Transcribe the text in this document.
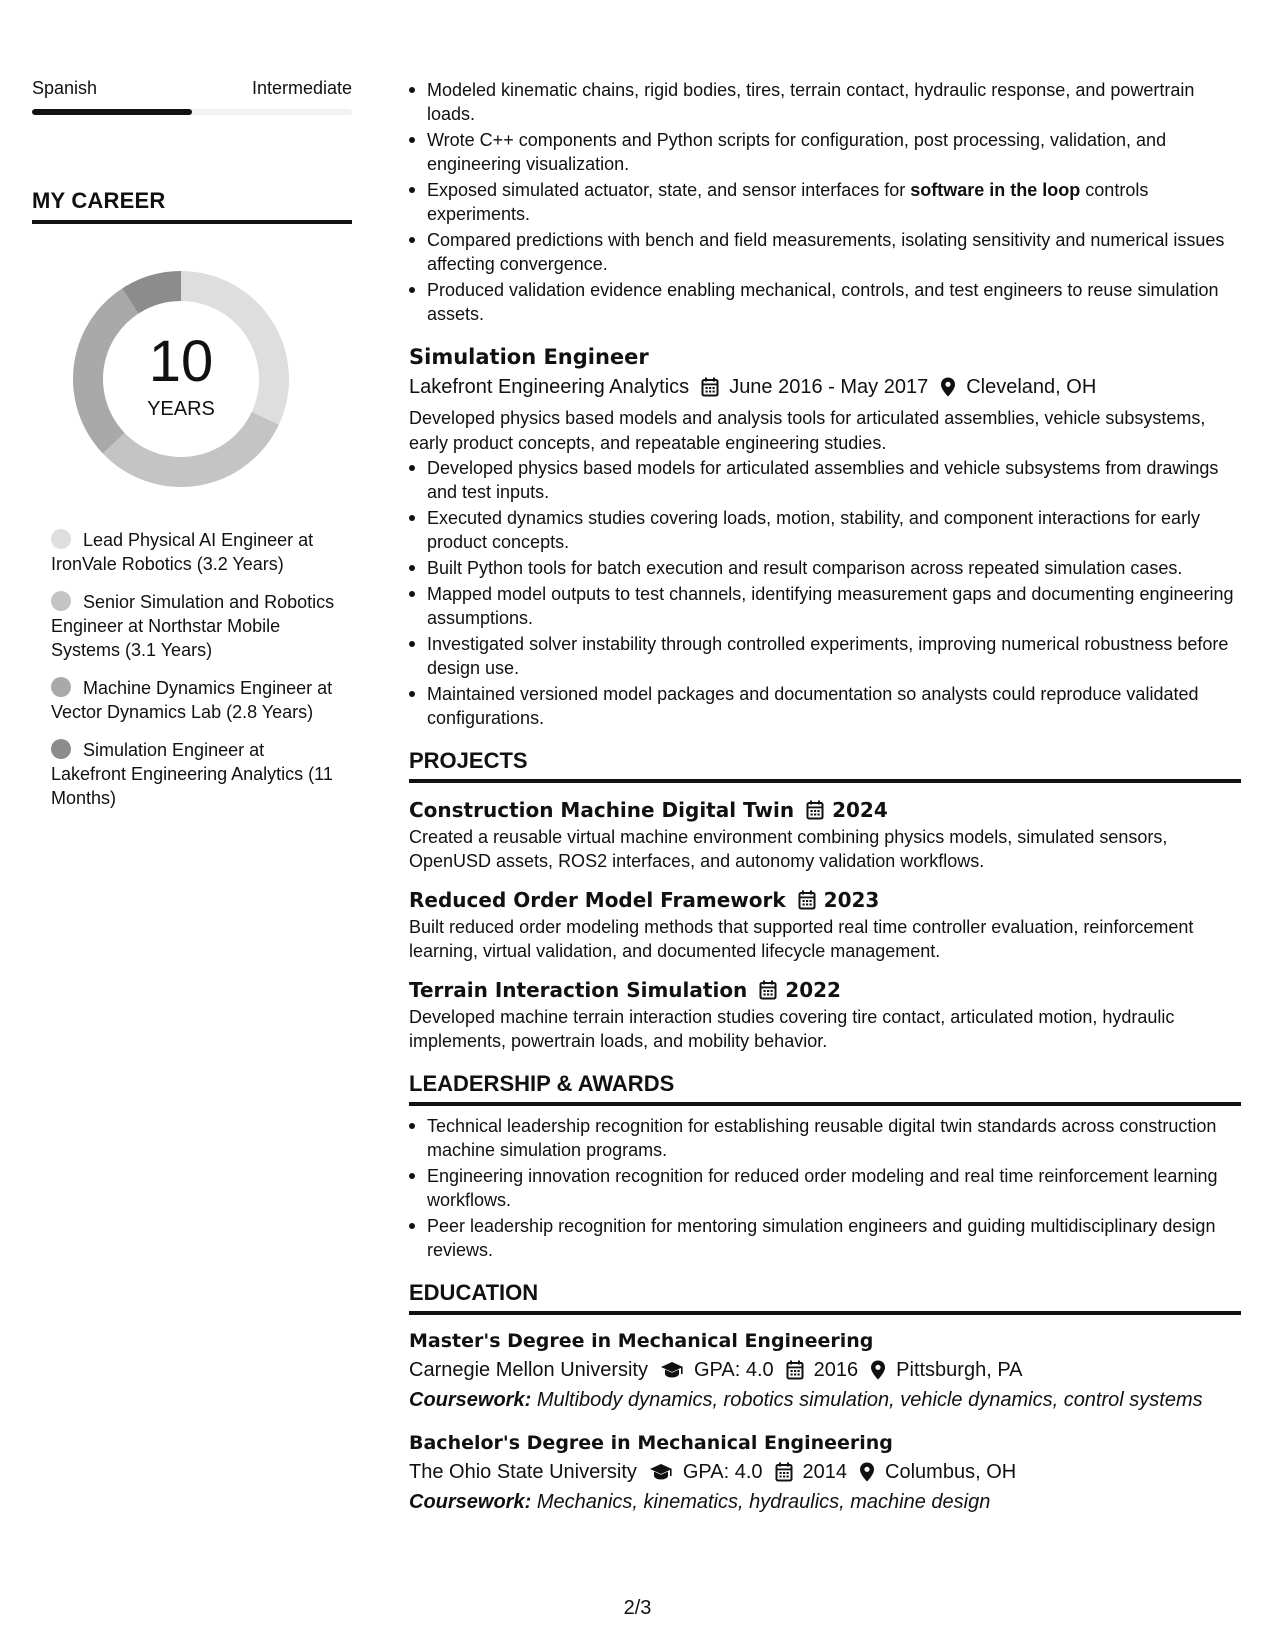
Spanish	Intermediate
MY CAREER
10
YEARS
Lead Physical AI Engineer at IronVale Robotics (3.2 Years)
Senior Simulation and Robotics Engineer at Northstar Mobile Systems (3.1 Years)
Machine Dynamics Engineer at Vector Dynamics Lab (2.8 Years)
Simulation Engineer at Lakefront Engineering Analytics (11 Months)
Modeled kinematic chains, rigid bodies, tires, terrain contact, hydraulic response, and powertrain loads.
Wrote C++ components and Python scripts for configuration, post processing, validation, and engineering visualization.
Exposed simulated actuator, state, and sensor interfaces for software in the loop controls experiments.
Compared predictions with bench and field measurements, isolating sensitivity and numerical issues affecting convergence.
Produced validation evidence enabling mechanical, controls, and test engineers to reuse simulation assets.
Simulation Engineer
Lakefront Engineering Analytics June 2016 - May 2017 Cleveland, OH
Developed physics based models and analysis tools for articulated assemblies, vehicle subsystems, early product concepts, and repeatable engineering studies.
Developed physics based models for articulated assemblies and vehicle subsystems from drawings and test inputs.
Executed dynamics studies covering loads, motion, stability, and component interactions for early product concepts.
Built Python tools for batch execution and result comparison across repeated simulation cases.
Mapped model outputs to test channels, identifying measurement gaps and documenting engineering assumptions.
Investigated solver instability through controlled experiments, improving numerical robustness before design use.
Maintained versioned model packages and documentation so analysts could reproduce validated configurations.
PROJECTS
Construction Machine Digital Twin 2024
Created a reusable virtual machine environment combining physics models, simulated sensors, OpenUSD assets, ROS2 interfaces, and autonomy validation workflows.
Reduced Order Model Framework 2023
Built reduced order modeling methods that supported real time controller evaluation, reinforcement learning, virtual validation, and documented lifecycle management.
Terrain Interaction Simulation 2022
Developed machine terrain interaction studies covering tire contact, articulated motion, hydraulic implements, powertrain loads, and mobility behavior.
LEADERSHIP & AWARDS
Technical leadership recognition for establishing reusable digital twin standards across construction machine simulation programs.
Engineering innovation recognition for reduced order modeling and real time reinforcement learning workflows.
Peer leadership recognition for mentoring simulation engineers and guiding multidisciplinary design reviews.
EDUCATION
Master's Degree in Mechanical Engineering
Carnegie Mellon University GPA: 4.0 2016 Pittsburgh, PA
Coursework: Multibody dynamics, robotics simulation, vehicle dynamics, control systems
Bachelor's Degree in Mechanical Engineering
The Ohio State University GPA: 4.0 2014 Columbus, OH
Coursework: Mechanics, kinematics, hydraulics, machine design
2/3
